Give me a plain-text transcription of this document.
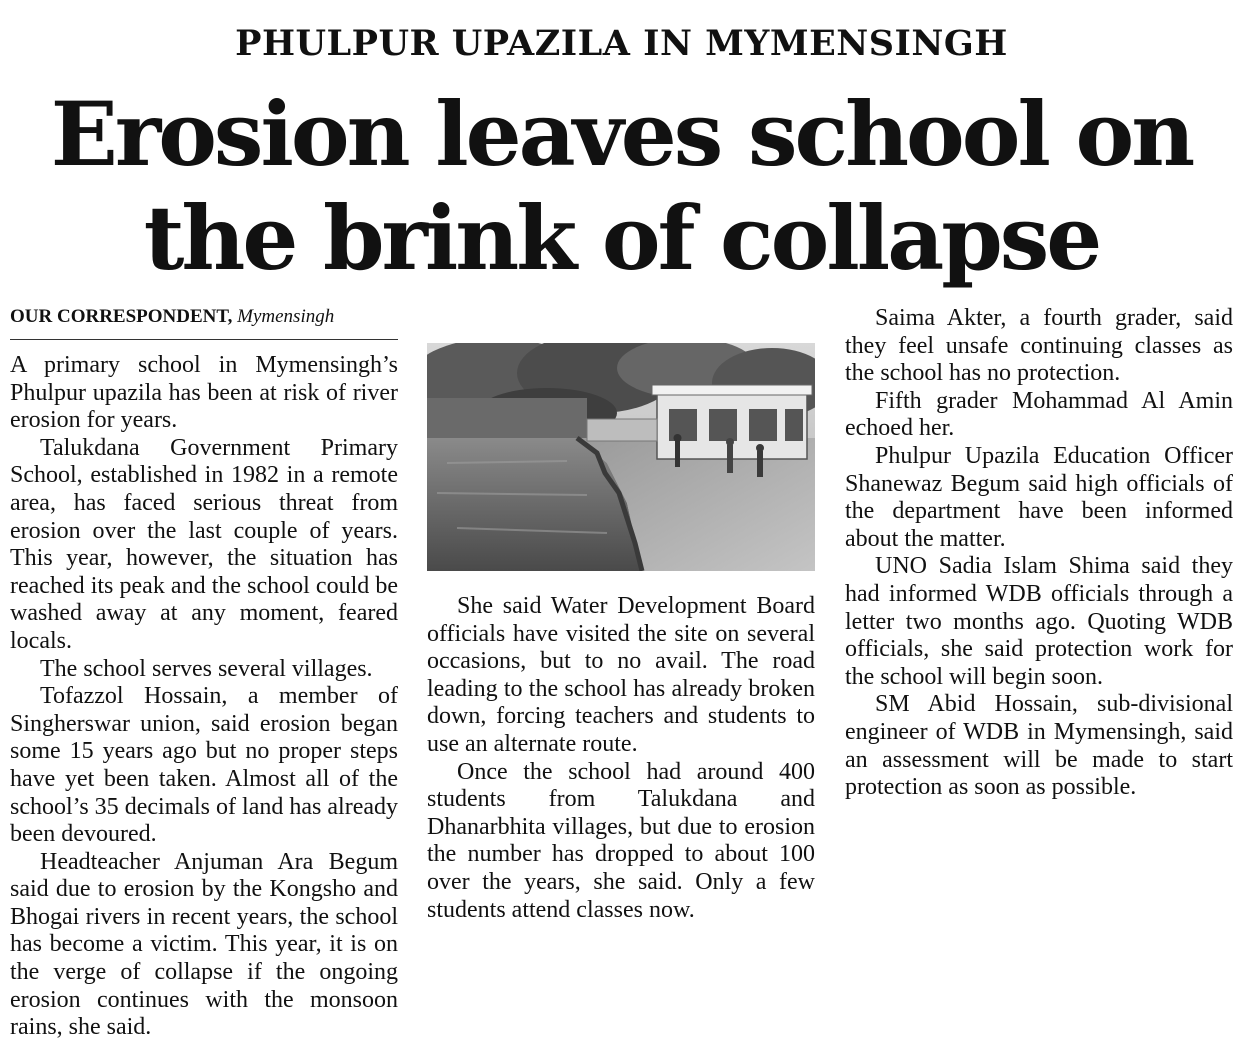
PHULPUR UPAZILA IN MYMENSINGH
Erosion leaves school on
the brink of collapse
OUR CORRESPONDENT, Mymensingh

A primary school in Mymensingh’s Phulpur upazila has been at risk of river erosion for years.

Talukdana Government Primary School, established in 1982 in a remote area, has faced serious threat from erosion over the last couple of years. This year, however, the situation has reached its peak and the school could be washed away at any moment, feared locals.

The school serves several villages.

Tofazzol Hossain, a member of Singherswar union, said erosion began some 15 years ago but no proper steps have yet been taken. Almost all of the school’s 35 decimals of land has already been devoured.

Headteacher Anjuman Ara Begum said due to erosion by the Kongsho and Bhogai rivers in recent years, the school has become a victim. This year, it is on the verge of collapse if the ongoing erosion continues with the monsoon rains, she said.

She said Water Development Board officials have visited the site on several occasions, but to no avail. The road leading to the school has already broken down, forcing teachers and students to use an alternate route.

Once the school had around 400 students from Talukdana and Dhanarbhita villages, but due to erosion the number has dropped to about 100 over the years, she said. Only a few students attend classes now.

Saima Akter, a fourth grader, said they feel unsafe continuing classes as the school has no protection.

Fifth grader Mohammad Al Amin echoed her.

Phulpur Upazila Education Officer Shanewaz Begum said high officials of the department have been informed about the matter.

UNO Sadia Islam Shima said they had informed WDB officials through a letter two months ago. Quoting WDB officials, she said protection work for the school will begin soon.

SM Abid Hossain, sub-divisional engineer of WDB in Mymensingh, said an assessment will be made to start protection as soon as possible.
